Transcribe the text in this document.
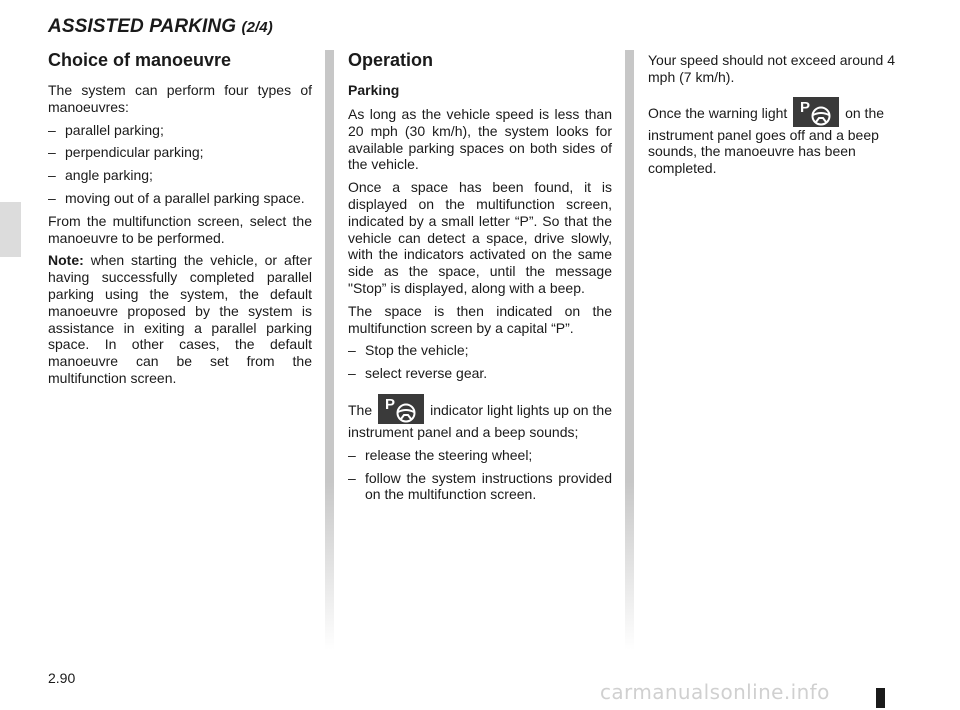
ASSISTED PARKING (2/4)
Choice of manoeuvre

The system can perform four types of manoeuvres:

– parallel parking;
– perpendicular parking;
– angle parking;
– moving out of a parallel parking space.

From the multifunction screen, select the manoeuvre to be performed.

Note: when starting the vehicle, or after having successfully completed parallel parking using the system, the default manoeuvre proposed by the system is assistance in exiting a parallel parking space. In other cases, the default manoeuvre can be set from the multifunction screen.

Operation
Parking

As long as the vehicle speed is less than 20 mph (30 km/h), the system looks for available parking spaces on both sides of the vehicle.

Once a space has been found, it is displayed on the multifunction screen, indicated by a small letter “P”. So that the vehicle can detect a space, drive slowly, with the indicators activated on the same side as the space, until the message "Stop” is displayed, along with a beep.

The space is then indicated on the multifunction screen by a capital “P”.

– Stop the vehicle;
– select reverse gear.

The P indicator light lights up on the instrument panel and a beep sounds;

– release the steering wheel;
– follow the system instructions provided on the multifunction screen.

Your speed should not exceed around 4 mph (7 km/h).

Once the warning light P on the instrument panel goes off and a beep sounds, the manoeuvre has been completed.

2.90
carmanualsonline.info
